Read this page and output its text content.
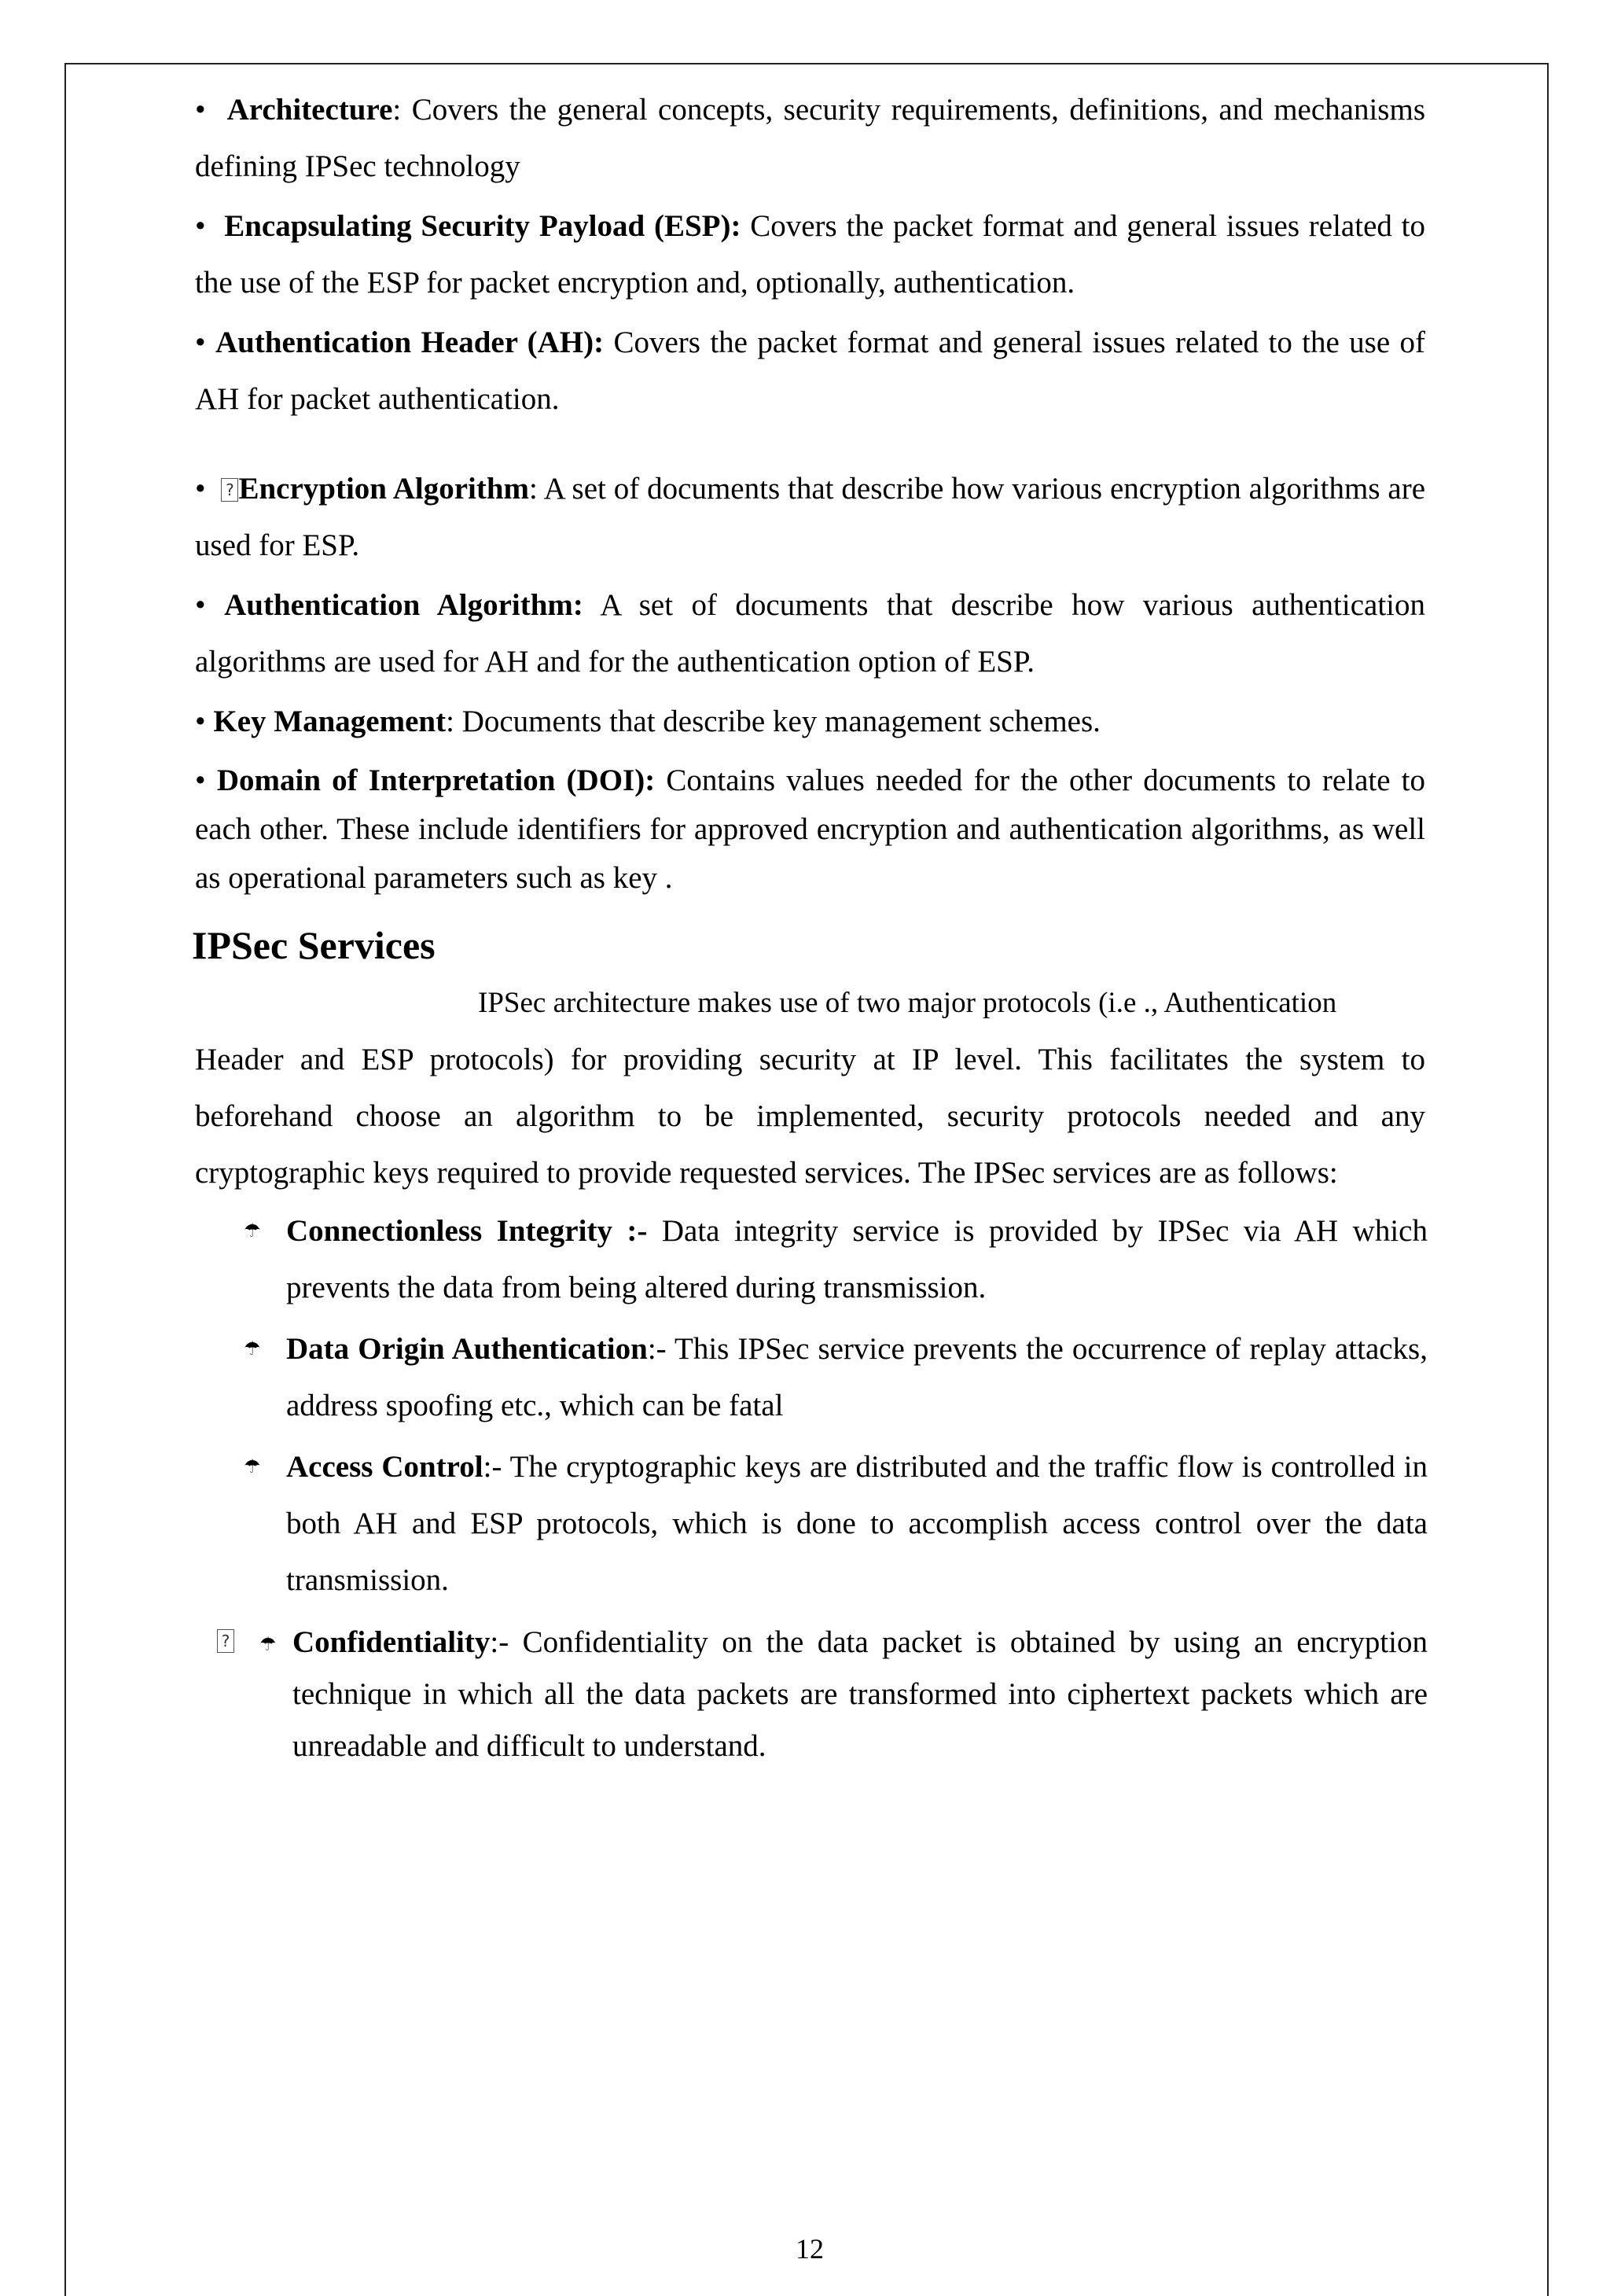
• Architecture: Covers the general concepts, security requirements, definitions, and mechanisms defining IPSec technology

• Encapsulating Security Payload (ESP): Covers the packet format and general issues related to the use of the ESP for packet encryption and, optionally, authentication.

• Authentication Header (AH): Covers the packet format and general issues related to the use of AH for packet authentication.

• ? Encryption Algorithm: A set of documents that describe how various encryption algorithms are used for ESP.

• Authentication Algorithm: A set of documents that describe how various authentication algorithms are used for AH and for the authentication option of ESP.

• Key Management: Documents that describe key management schemes.

• Domain of Interpretation (DOI): Contains values needed for the other documents to relate to each other. These include identifiers for approved encryption and authentication algorithms, as well as operational parameters such as key .

IPSec Services

IPSec architecture makes use of two major protocols (i.e ., Authentication

Header and ESP protocols) for providing security at IP level. This facilitates the system to beforehand choose an algorithm to be implemented, security protocols needed and any cryptographic keys required to provide requested services. The IPSec services are as follows:

☂ Connectionless Integrity :- Data integrity service is provided by IPSec via AH which prevents the data from being altered during transmission.

☂ Data Origin Authentication:- This IPSec service prevents the occurrence of replay attacks, address spoofing etc., which can be fatal

☂ Access Control:- The cryptographic keys are distributed and the traffic flow is controlled in both AH and ESP protocols, which is done to accomplish access control over the data transmission.

? ☂ Confidentiality:- Confidentiality on the data packet is obtained by using an encryption technique in which all the data packets are transformed into ciphertext packets which are unreadable and difficult to understand.

12
